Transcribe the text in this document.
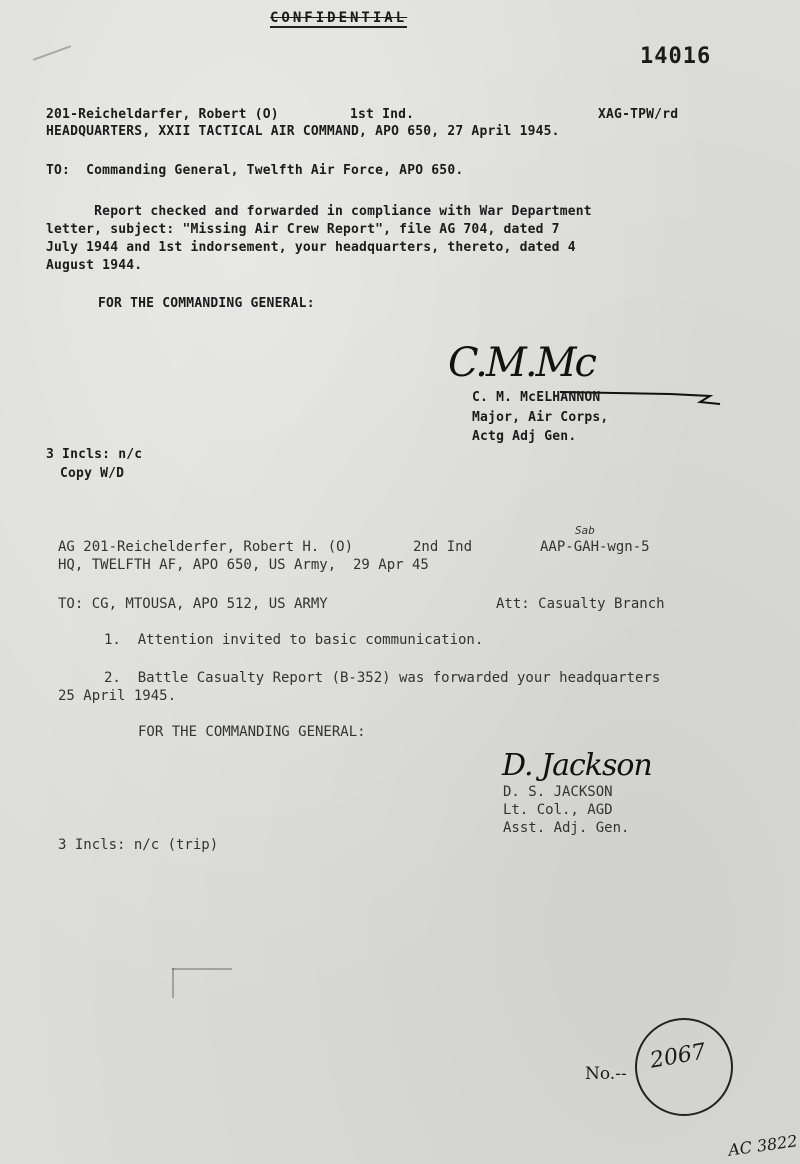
CONFIDENTIAL
14016
201-Reicheldarfer, Robert (O)	1st Ind.	XAG-TPW/rd
HEADQUARTERS, XXII TACTICAL AIR COMMAND, APO 650, 27 April 1945.
TO:  Commanding General, Twelfth Air Force, APO 650.
Report checked and forwarded in compliance with War Department
letter, subject: "Missing Air Crew Report", file AG 704, dated 7
July 1944 and 1st indorsement, your headquarters, thereto, dated 4
August 1944.
FOR THE COMMANDING GENERAL:
C.M.Mc
C. M. McELHANNON
Major, Air Corps,
Actg Adj Gen.
3 Incls: n/c
Copy W/D
AG 201-Reichelderfer, Robert H. (O)	2nd Ind
Sab
AAP-GAH-wgn-5
HQ, TWELFTH AF, APO 650, US Army,  29 Apr 45
TO: CG, MTOUSA, APO 512, US ARMY	Att: Casualty Branch
1.  Attention invited to basic communication.
2.  Battle Casualty Report (B-352) was forwarded your headquarters
25 April 1945.
FOR THE COMMANDING GENERAL:
D. Jackson
D. S. JACKSON
Lt. Col., AGD
Asst. Adj. Gen.
3 Incls: n/c (trip)
No.--
2067
AC 3822
